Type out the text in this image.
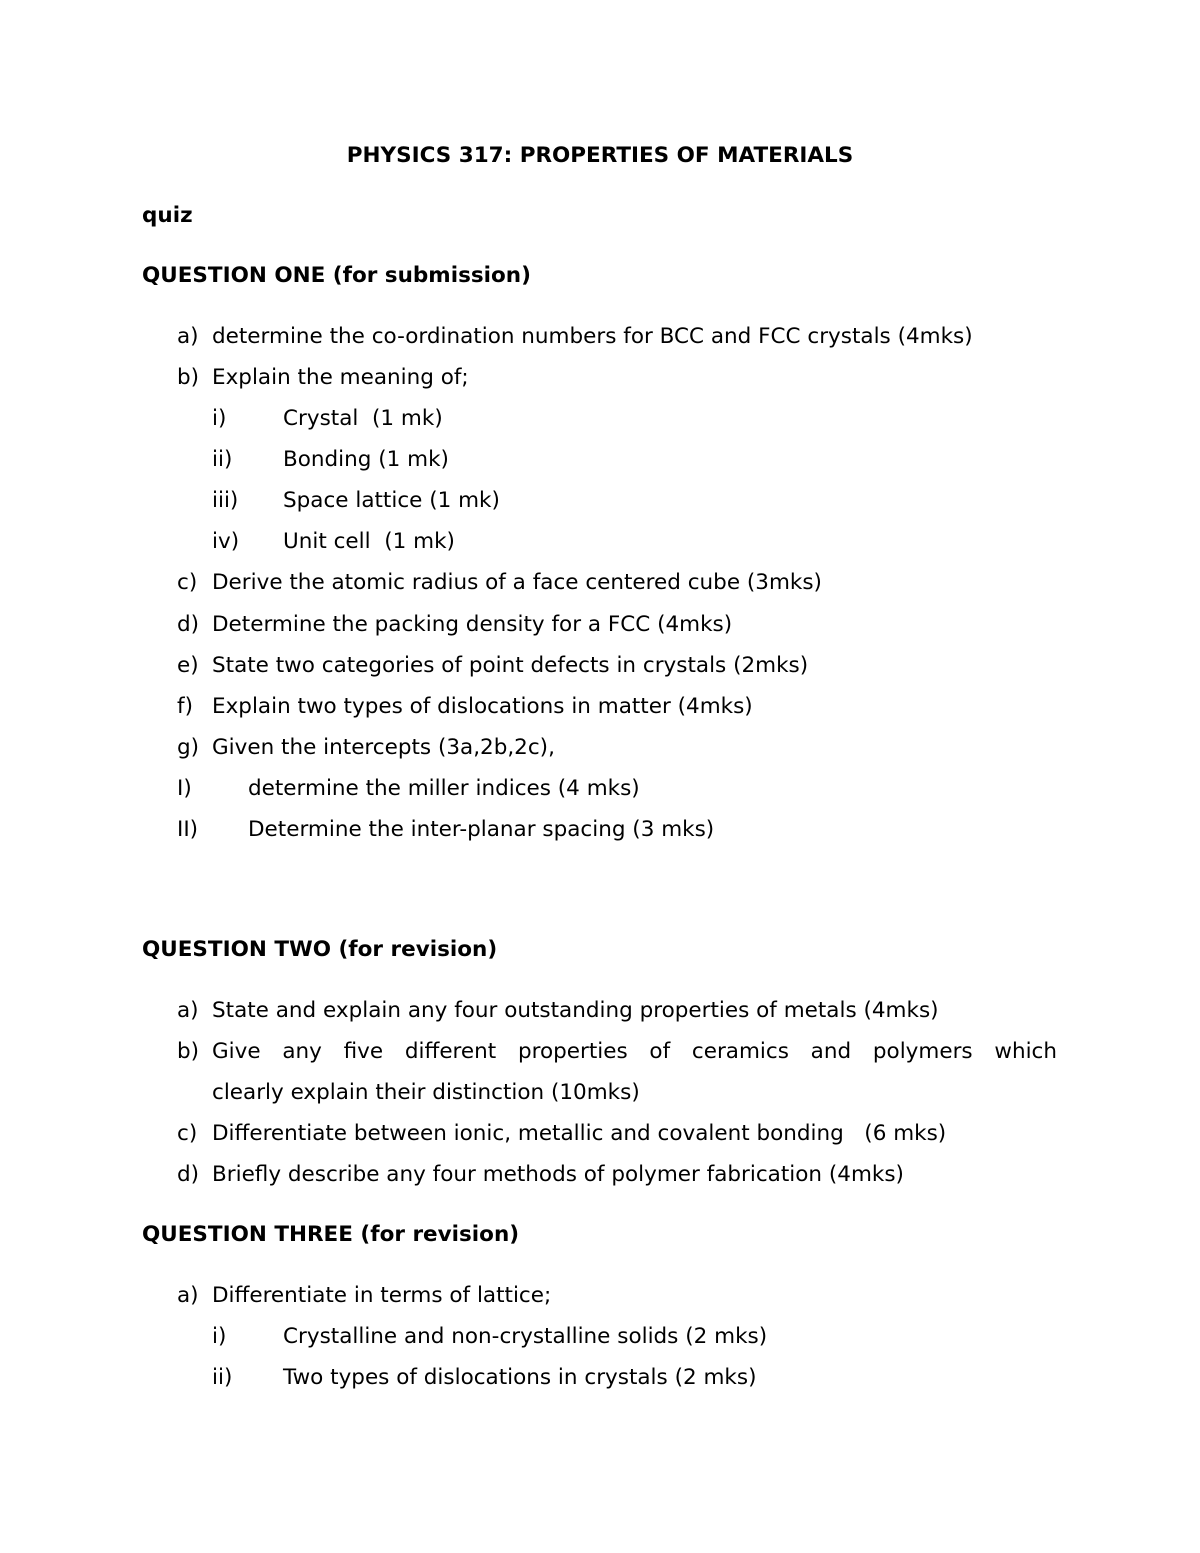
PHYSICS 317: PROPERTIES OF MATERIALS
quiz
QUESTION ONE (for submission)
a) determine the co-ordination numbers for BCC and FCC crystals (4mks)
b) Explain the meaning of;
i)	Crystal  (1 mk)
ii) Bonding (1 mk)
iii) Space lattice (1 mk)
iv) Unit cell  (1 mk)
c) Derive the atomic radius of a face centered cube (3mks)
d) Determine the packing density for a FCC (4mks)
e) State two categories of point defects in crystals (2mks)
f) Explain two types of dislocations in matter (4mks)
g) Given the intercepts (3a,2b,2c),
I)	determine the miller indices (4 mks)
II) Determine the inter-planar spacing (3 mks)
QUESTION TWO (for revision)
a) State and explain any four outstanding properties of metals (4mks)
b) Give any five different properties of ceramics and polymers which
clearly explain their distinction (10mks)
c) Differentiate between ionic, metallic and covalent bonding   (6 mks)
d) Briefly describe any four methods of polymer fabrication (4mks)
QUESTION THREE (for revision)
a) Differentiate in terms of lattice;
i)	Crystalline and non-crystalline solids (2 mks)
ii) Two types of dislocations in crystals (2 mks)
